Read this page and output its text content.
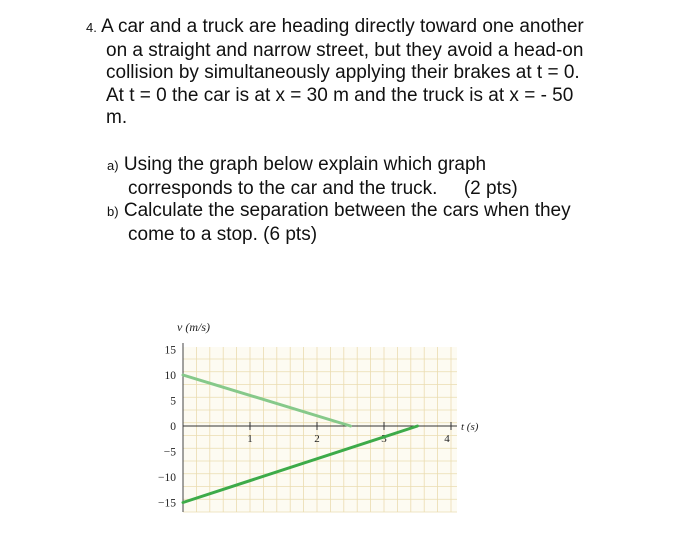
4. A car and a truck are heading directly toward one another

on a straight and narrow street, but they avoid a head-on

collision by simultaneously applying their brakes at t = 0.

At t = 0 the car is at x = 30 m and the truck is at x = - 50

m.

a) Using the graph below explain which graph

corresponds to the car and the truck.     (2 pts)

b) Calculate the separation between the cars when they

come to a stop. (6 pts)

v (m/s)
t (s)
15
10
5
0
−5
−10
−15
1	2	3	4
